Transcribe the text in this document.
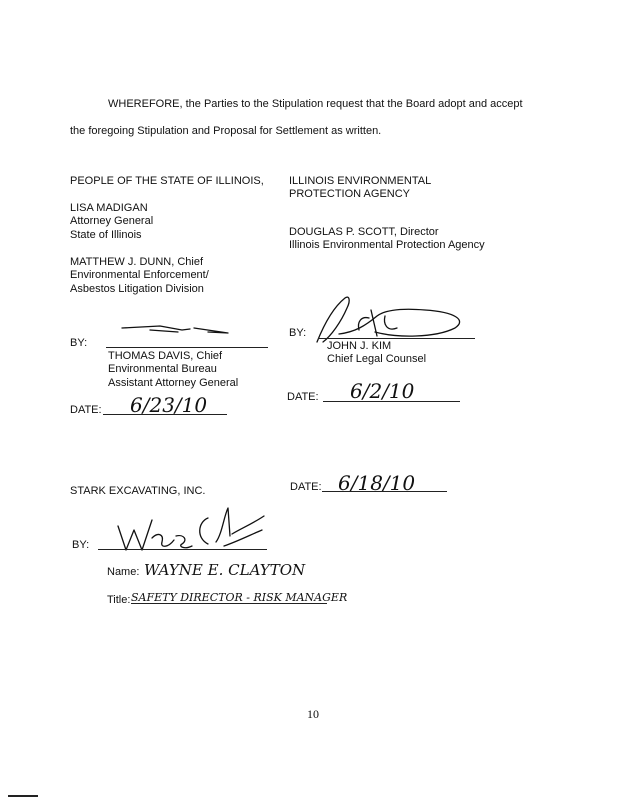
WHEREFORE, the Parties to the Stipulation request that the Board adopt and accept
the foregoing Stipulation and Proposal for Settlement as written.
PEOPLE OF THE STATE OF ILLINOIS,
LISA MADIGAN
Attorney General
State of Illinois
MATTHEW J. DUNN, Chief
Environmental Enforcement/
Asbestos Litigation Division
BY:
THOMAS DAVIS, Chief
Environmental Bureau
Assistant Attorney General
DATE: 6/23/10
ILLINOIS ENVIRONMENTAL
PROTECTION AGENCY
DOUGLAS P. SCOTT, Director
Illinois Environmental Protection Agency
BY:
JOHN J. KIM
Chief Legal Counsel
DATE: 6/2/10
STARK EXCAVATING, INC.	DATE: 6/18/10
BY:
Name: WAYNE E. CLAYTON
Title: SAFETY DIRECTOR - RISK MANAGER
10
